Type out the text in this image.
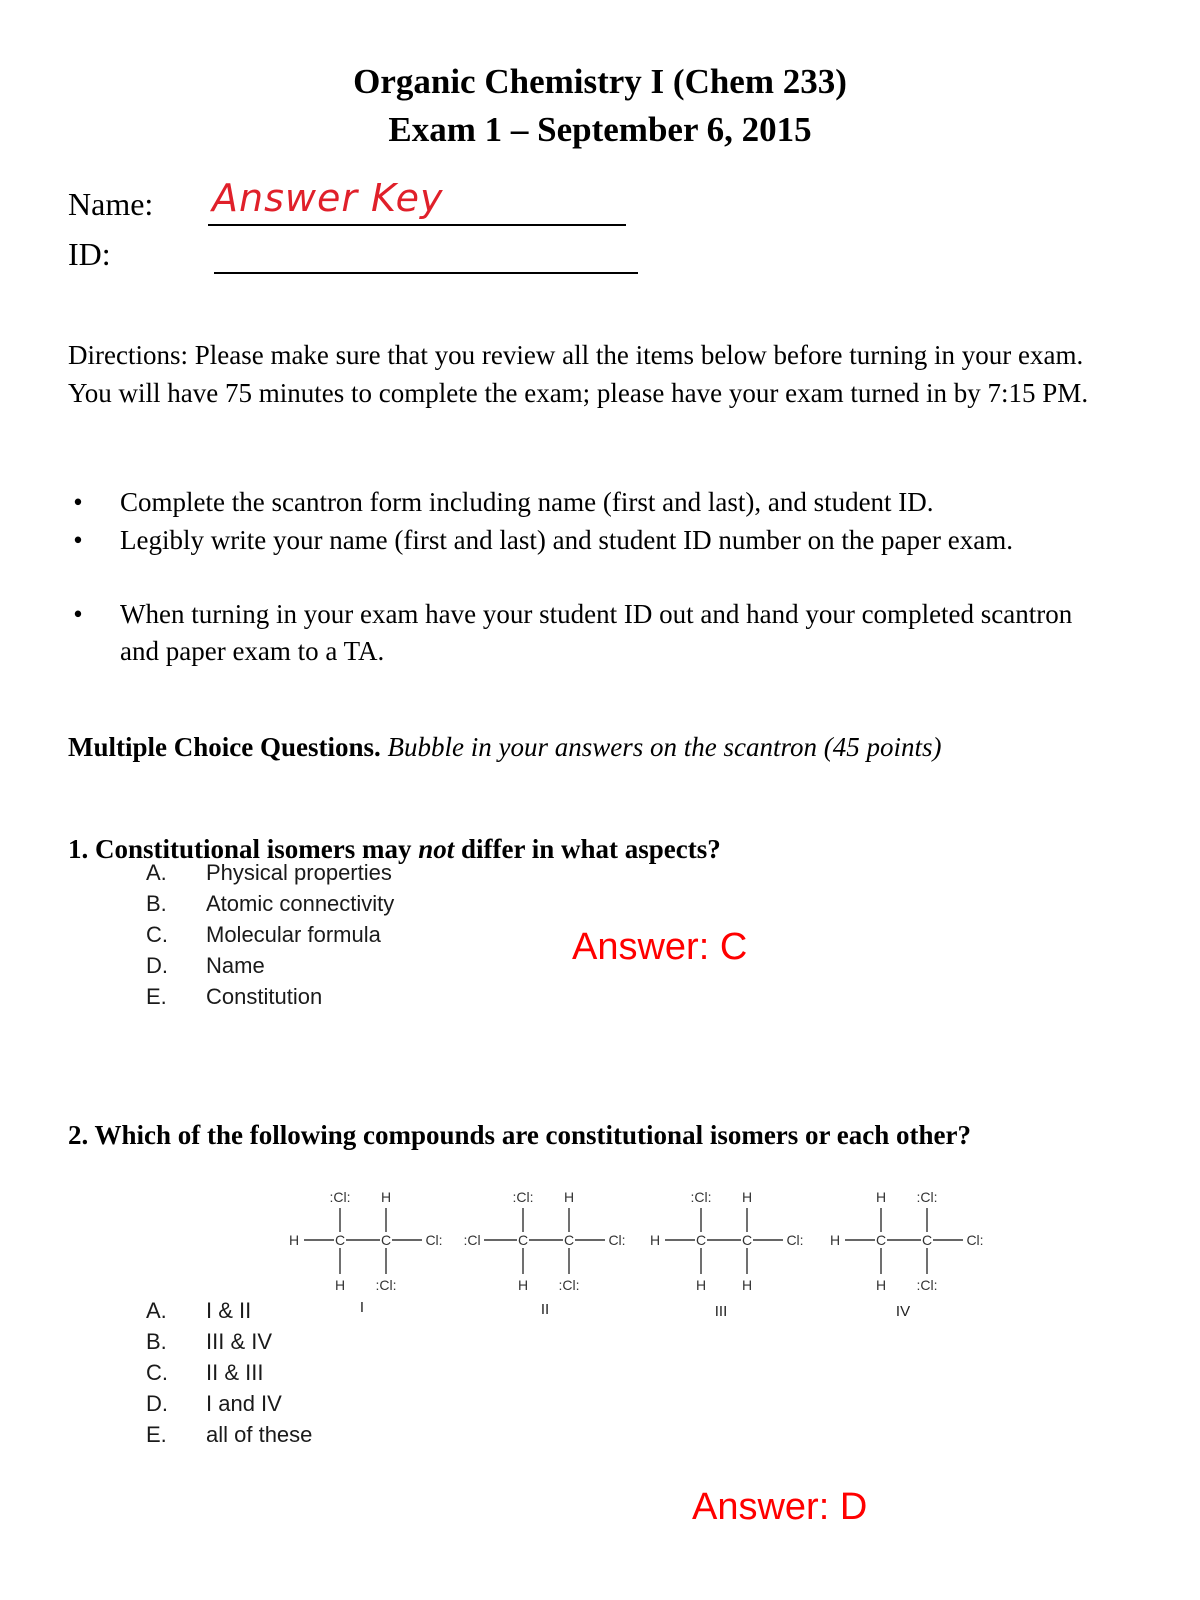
Organic Chemistry I (Chem 233)
Exam 1 – September 6, 2015
Name: Answer Key
ID:
Directions: Please make sure that you review all the items below before turning in your exam. You will have 75 minutes to complete the exam; please have your exam turned in by 7:15 PM.
• Complete the scantron form including name (first and last), and student ID.
• Legibly write your name (first and last) and student ID number on the paper exam.
• When turning in your exam have your student ID out and hand your completed scantron and paper exam to a TA.
Multiple Choice Questions. Bubble in your answers on the scantron (45 points)
1. Constitutional isomers may not differ in what aspects?
A. Physical properties
B. Atomic connectivity
C. Molecular formula
D. Name
E. Constitution
Answer: C
2. Which of the following compounds are constitutional isomers or each other?
H	C	C Cl:
:Cl: H
H :Cl:
:Cl	C	C Cl:
:Cl: H
H :Cl:
H	C	C Cl:
:Cl: H
H	H
H	C	C Cl:
H :Cl:
H :Cl:
I	II	III	IV
A. I & II
B. III & IV
C. II & III
D. I and IV
E. all of these
Answer: D
